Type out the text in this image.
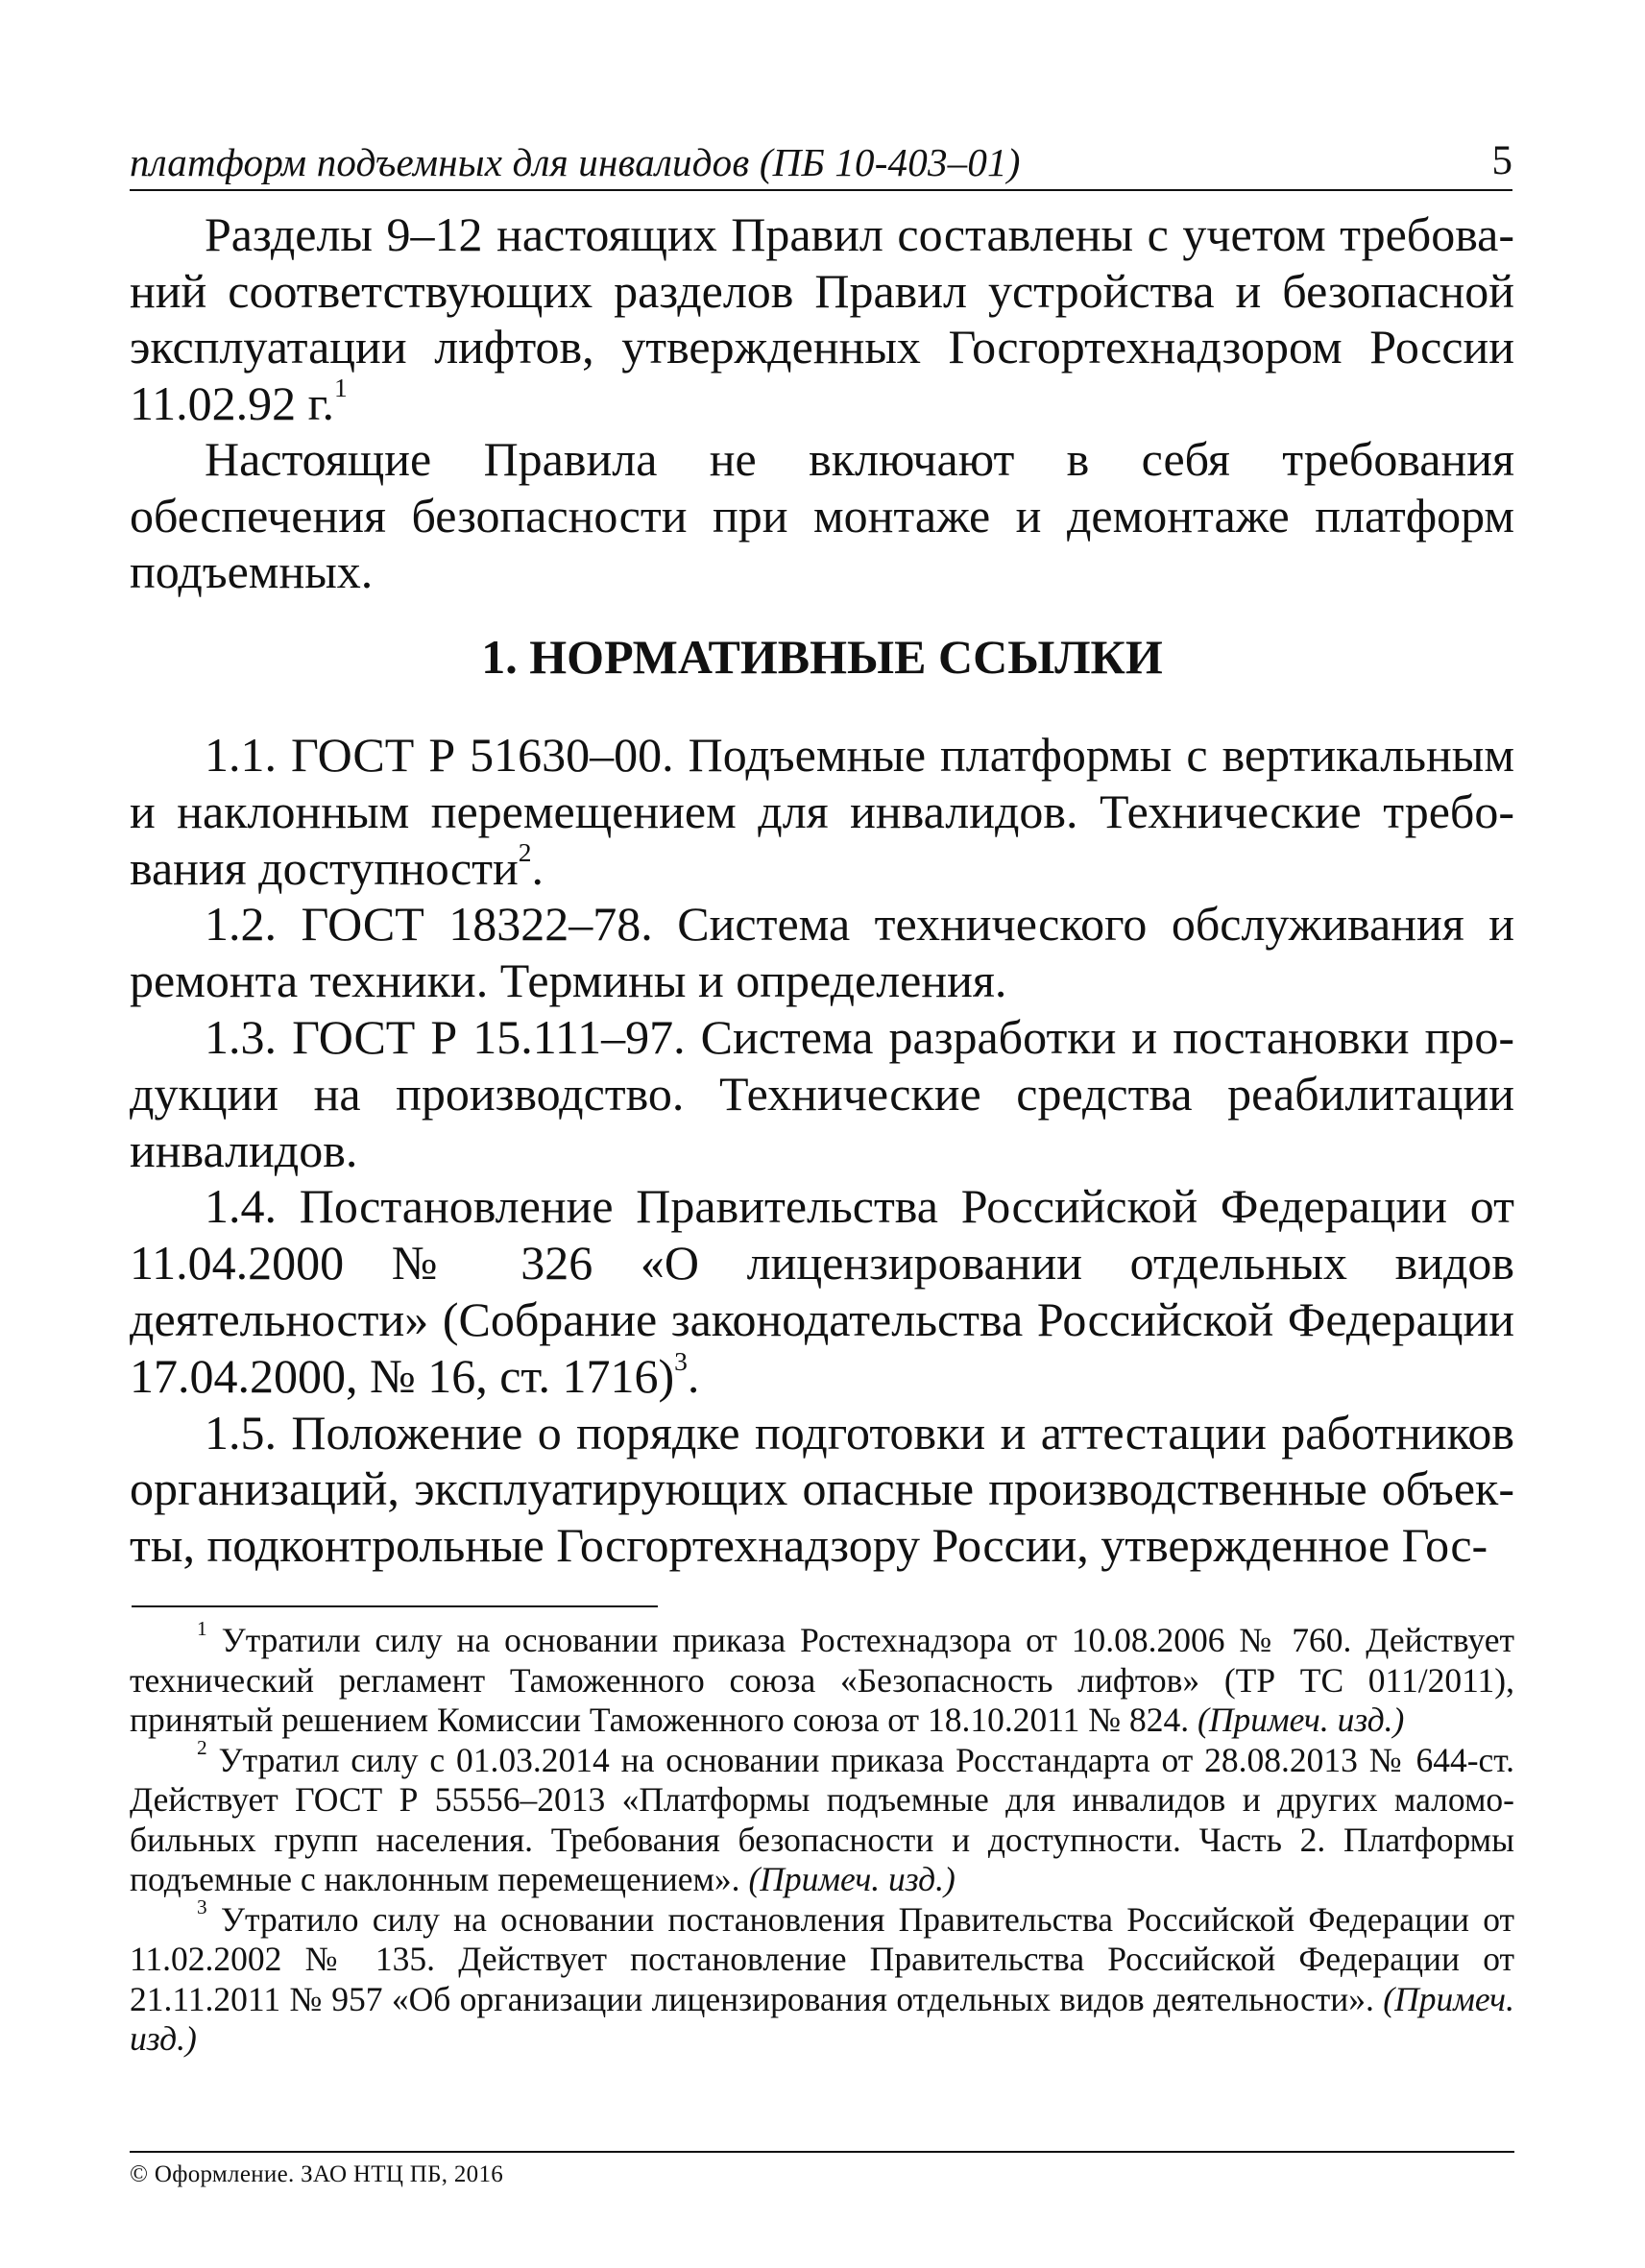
платформ подъемных для инвалидов (ПБ 10-403–01)	5

Разделы 9–12 настоящих Правил составлены с учетом требований соответствующих разделов Правил устройства и безопасной эксплуатации лифтов, утвержденных Госгортехнадзором России 11.02.92 г.$^1$

Настоящие Правила не включают в себя требования обеспечения безопасности при монтаже и демонтаже платформ подъемных.

1. НОРМАТИВНЫЕ ССЫЛКИ

1.1. ГОСТ Р 51630–00. Подъемные платформы с вертикальным и наклонным перемещением для инвалидов. Технические требования доступности$^2$.

1.2. ГОСТ 18322–78. Система технического обслуживания и ремонта техники. Термины и определения.

1.3. ГОСТ Р 15.111–97. Система разработки и постановки продукции на производство. Технические средства реабилитации инвалидов.

1.4. Постановление Правительства Российской Федерации от 11.04.2000 № 326 «О лицензировании отдельных видов деятельности» (Собрание законодательства Российской Федерации 17.04.2000, № 16, ст. 1716)$^3$.

1.5. Положение о порядке подготовки и аттестации работников организаций, эксплуатирующих опасные производственные объекты, подконтрольные Госгортехнадзору России, утвержденное Гос-

$^1$ Утратили силу на основании приказа Ростехнадзора от 10.08.2006 № 760. Действует технический регламент Таможенного союза «Безопасность лифтов» (ТР ТС 011/2011), принятый решением Комиссии Таможенного союза от 18.10.2011 № 824. (Примеч. изд.)

$^2$ Утратил силу с 01.03.2014 на основании приказа Росстандарта от 28.08.2013 № 644-ст. Действует ГОСТ Р 55556–2013 «Платформы подъемные для инвалидов и других маломобильных групп населения. Требования безопасности и доступности. Часть 2. Платформы подъемные с наклонным перемещением». (Примеч. изд.)

$^3$ Утратило силу на основании постановления Правительства Российской Федерации от 11.02.2002 № 135. Действует постановление Правительства Российской Федерации от 21.11.2011 № 957 «Об организации лицензирования отдельных видов деятельности». (Примеч. изд.)

© Оформление. ЗАО НТЦ ПБ, 2016
